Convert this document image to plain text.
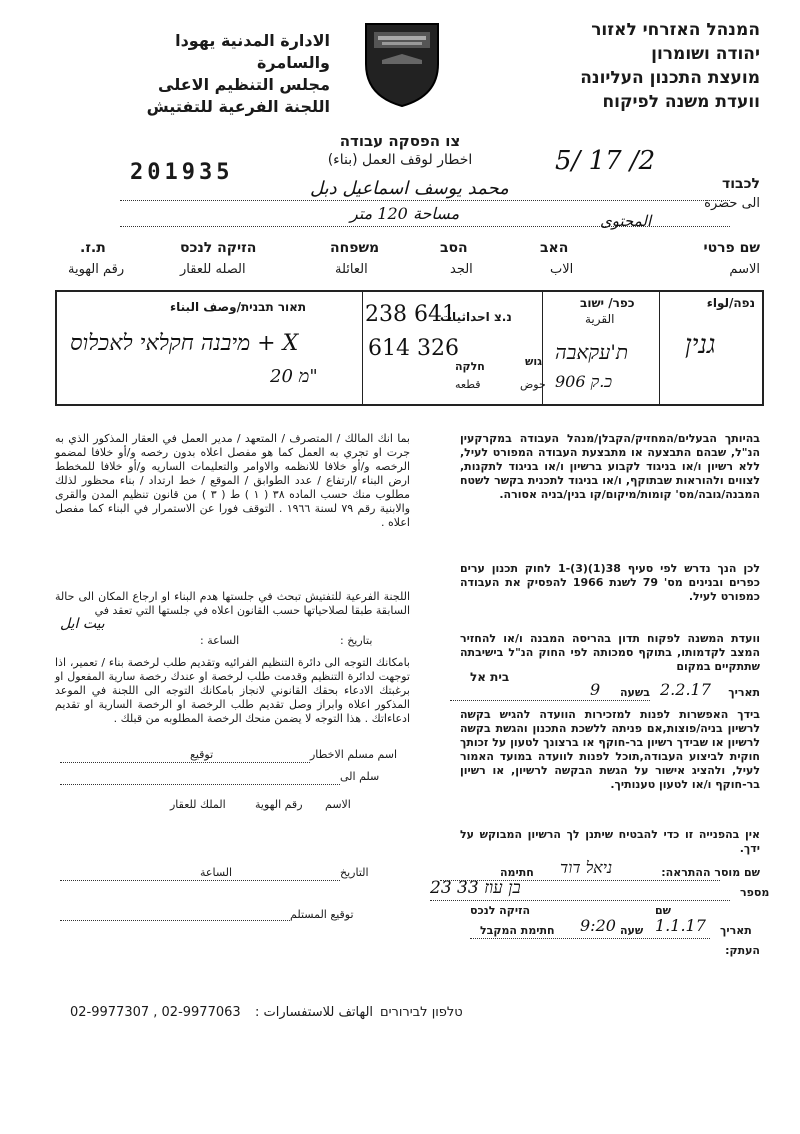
המנהל האזרחי לאזור
יהודה ושומרון
מועצת התכנון העליונה
וועדת משנה לפיקוח
الادارة المدنية يهودا
والسامرة
مجلس التنظيم الاعلى
اللجنة الفرعية للتفتيش
צו הפסקה עבודה
اخطار لوقف العمل (بناء)
201935	5/ 17 /2
לכבוד
الى حضرة
محمد يوسف اسماعيل دبل
مساحة 120 متر	المحتوى
שם פרטי
الاسم
האב
الاب
הסב
الجد
משפחה
العائلة
הזיקה לנכס
الصله للعقار
ת.ז.
رقم الهوية
נפה/لواء
כפר/ ישוב
القرية
נ.צ احداثيات
תאור תבנית/وصف البناء
גוש
חלקה
حوض
قطعه
גנין
ת'עקאבה
כ.ק 906
238 641
614 326
מיבנה חקלאי לאכלוס + X
20 מ"
בהיותך הבעלים/המחזיק/הקבלן/מנהל העבודה במקרקעין הנ"ל, שבהם התבצעה או מתבצעת העבודה המפורט לעיל, ללא רשיון ו/או בניגוד לקבוע ברשיון ו/או בניגוד לתקנות, לצווים ולהוראות שבתוקף, ו/או בניגוד לתכנית בקשר לשטח המבנה/גובה/מס' קומות/מיקום/קו בנין/בניה אסורה.
לכן הנך נדרש לפי סעיף 38(1)(3)-1 לחוק תכנון ערים כפרים ובנינים מס' 79 לשנת 1966 להפסיק את העבודה כמפורט לעיל.
וועדת המשנה לפקוח תדון בהריסה המבנה ו/או להחזיר המצב לקדמותו, בתוקף סמכותה לפי החוק הנ"ל בישיבתה שתתקיים במקום
בית אל
תאריך
2.2.17
בשעה
9
בידך האפשרות לפנות למזכירות הוועדה להגיש בקשה לרשיון בניה/פוצות,אם פניתה ללשכת התכנון והגשת בקשה לרשיון או שבידך רשיון בר-חוקף או ברצונך לטעון על זכותך חוקית לביצוע העבודה,תוכל לפנות לוועדה במועד האמור לעיל, ולהציג אישור על הגשת הבקשה לרשיון, או רשיון בר-חוקף ו/או לטעון טענותיך.
אין בהפנייה זו כדי להבטיח שיתנן לך הרשיון המבוקש על ידך.
بما انك المالك / المتصرف / المتعهد / مدير العمل في العقار المذكور الذي به جرت او تجري به العمل كما هو مفصل اعلاه بدون رخصه و/أو خلافا لمضمو الرخصه و/أو خلافا للانظمه والاوامر والتعليمات الساريه و/أو خلافا للمخطط ارض البناء /ارتفاع / عدد الطوابق / الموقع / خط ارتداد / بناء محظور لذلك مطلوب منك حسب الماده ٣٨ ( ١ ) ط ( ٣ ) من قانون تنظيم المدن والقرى والابنية رقم ٧٩ لسنة ١٩٦٦ . التوقف فورا عن الاستمرار في البناء كما مفصل اعلاه .
اللجنة الفرعية للتفتيش تبحث في جلستها هدم البناء او ارجاع المكان الى حالة السابقة طبقا لصلاحياتها حسب القانون اعلاه في جلستها التي تعقد في
بيت ايل
بتاريخ :
الساعة :
بامكانك التوجه الى دائرة التنظيم الفرائيه وتقديم طلب لرخصة بناء / تعمير، اذا توجهت لدائرة التنظيم وقدمت طلب لرخصة او عندك رخصة سارية المفعول او برغبتك الادعاء بحقك القانوني لانجاز بامكانك التوجه الى اللجنة في الموعد المذكور اعلاه وابراز وصل تقديم طلب الرخصة او الرخصة السارية او تقديم ادعاءاتك . هذا التوجه لا يضمن منحك الرخصة المطلوبه من قبلك .
اسم مسلم الاخطار
توقيع
سلم الى
الاسم
رقم الهوية
الملك للعقار
שם מוסר ההתראה:
ניאל דוד
חתימה
מספר
23 בן עוז 33
שם
הזיקה לנכס
תאריך
1.1.17
שעה
9:20
חתימת המקבל
העתק:
التاريخ
الساعة
توقيع المستلم
טלפון לבירורים
الهاتف للاستفسارات :
02-9977307 , 02-9977063
